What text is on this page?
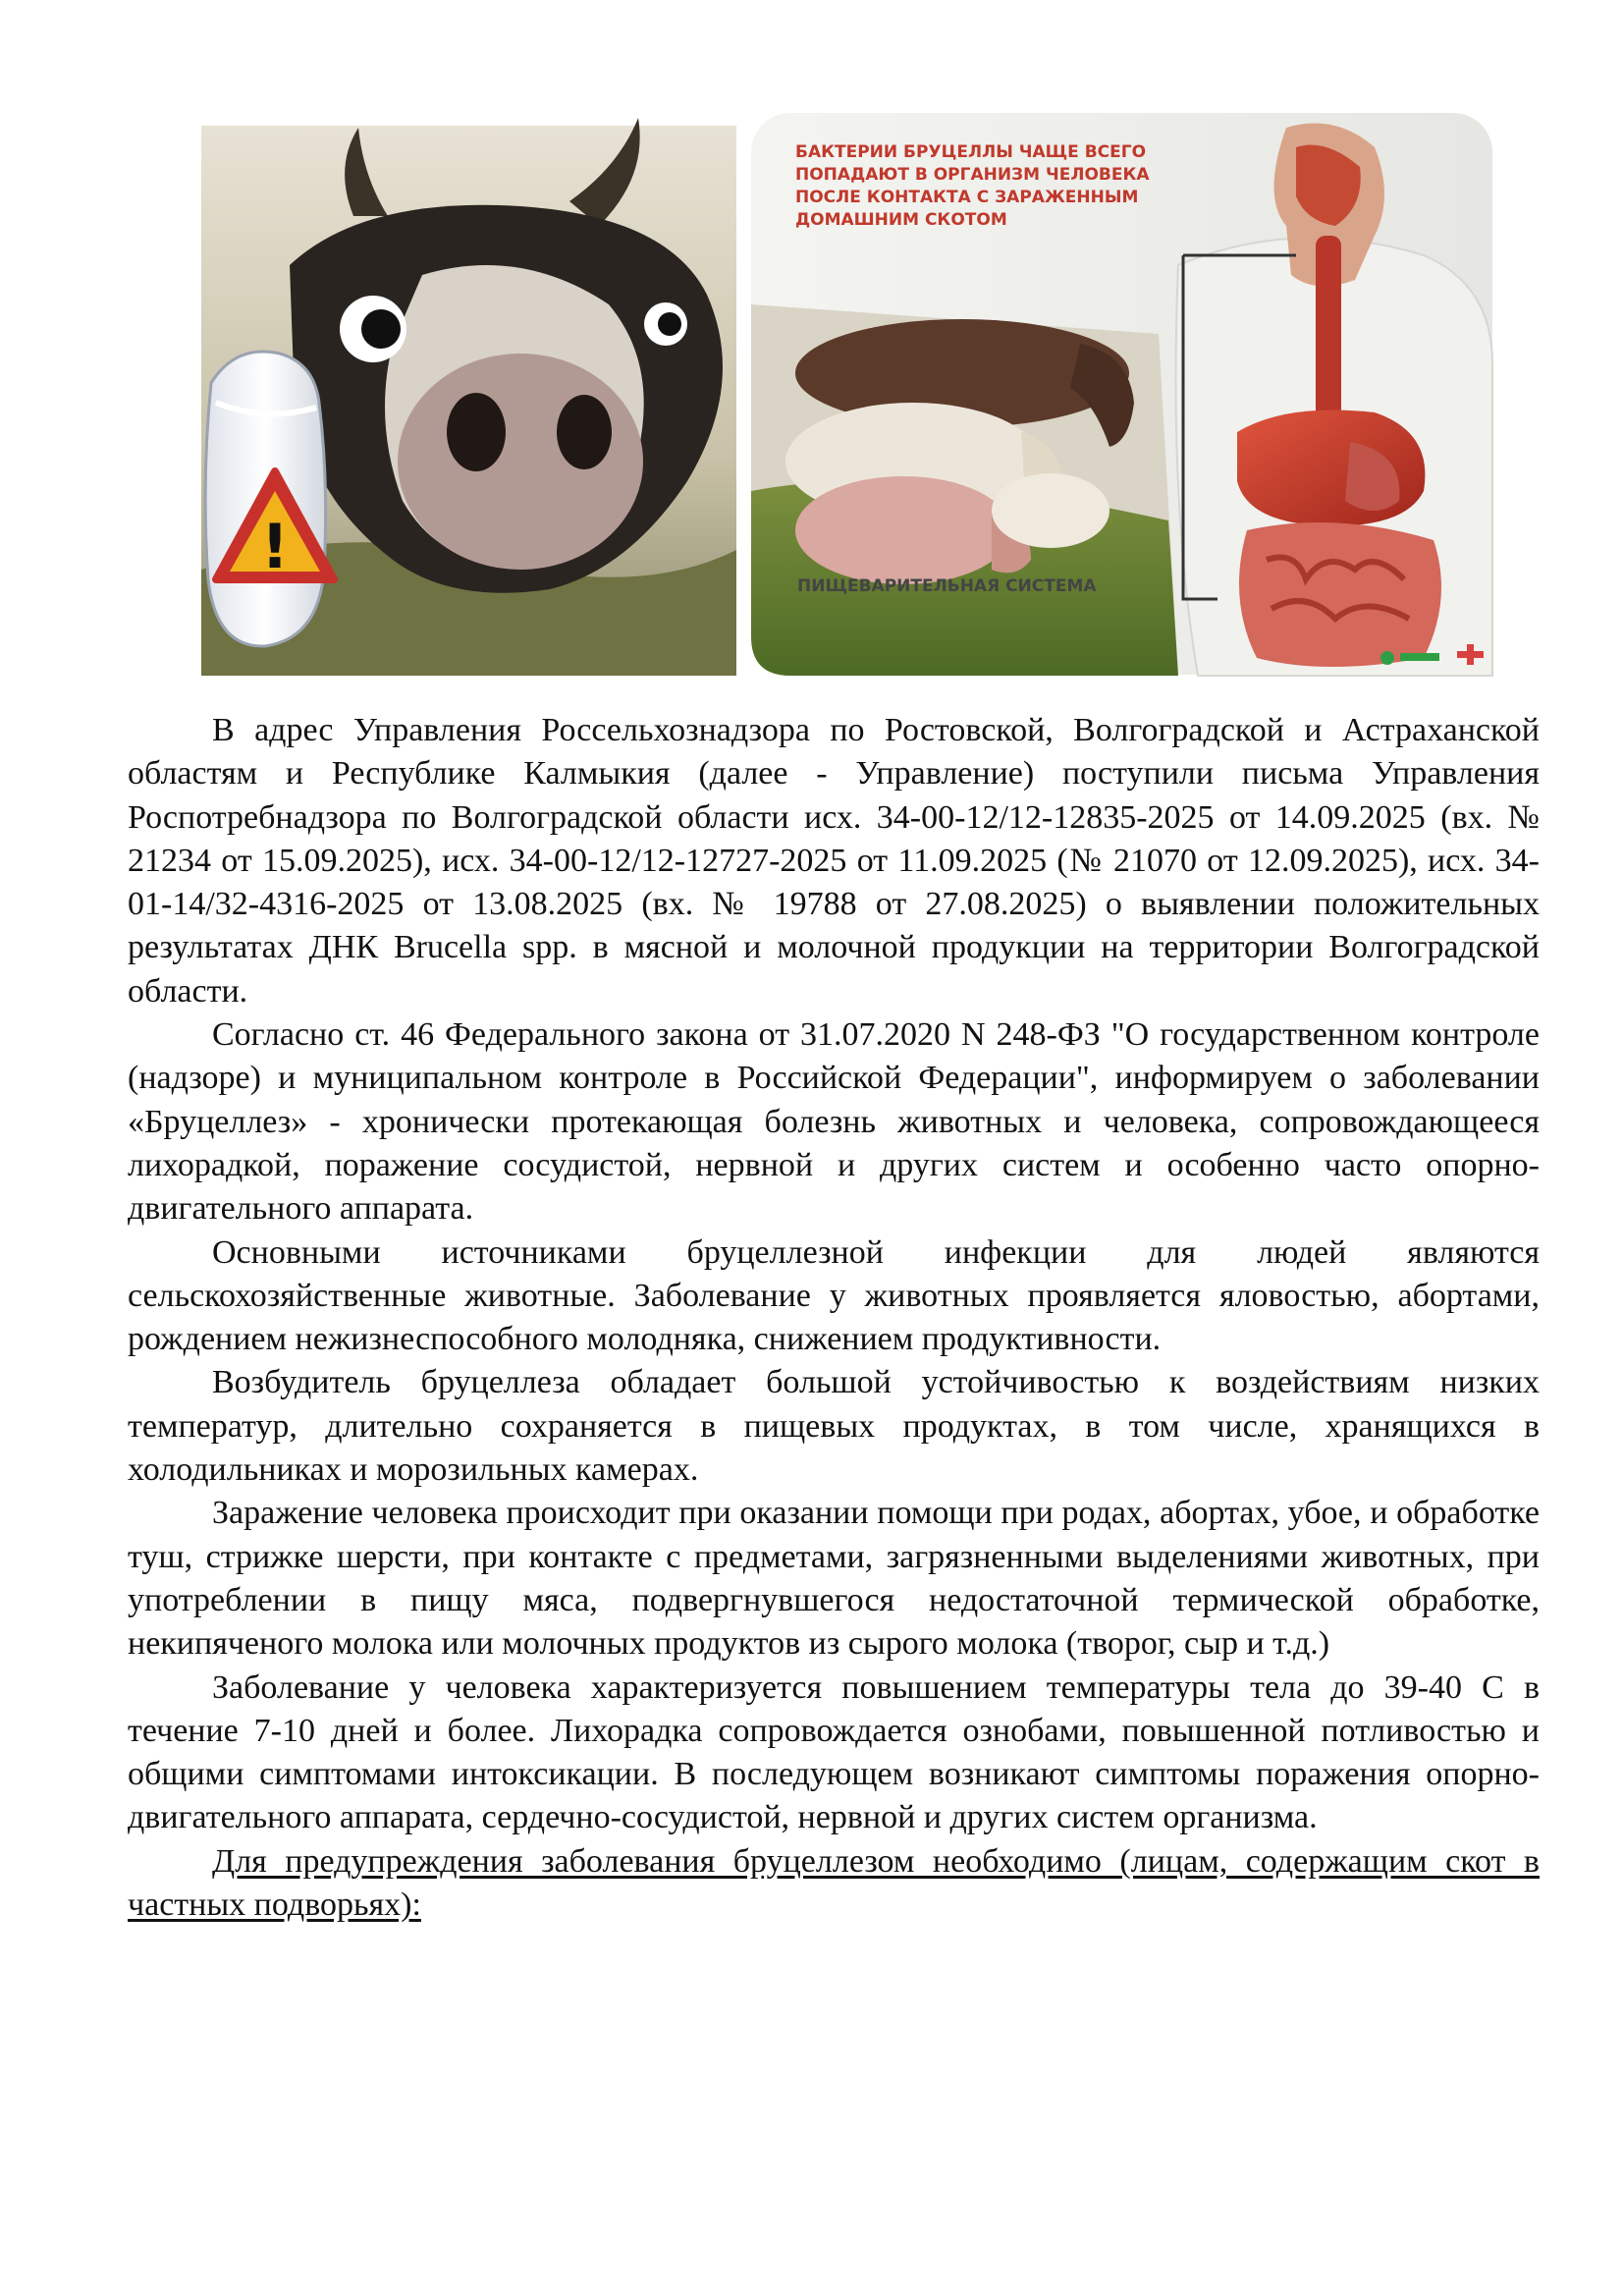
!
БАКТЕРИИ БРУЦЕЛЛЫ ЧАЩЕ ВСЕГО
ПОПАДАЮТ В ОРГАНИЗМ ЧЕЛОВЕКА
ПОСЛЕ КОНТАКТА С ЗАРАЖЕННЫМ
ДОМАШНИМ СКОТОМ
ПИЩЕВАРИТЕЛЬНАЯ СИСТЕМА

В адрес Управления Россельхознадзора по Ростовской, Волгоградской и Астраханской областям и Республике Калмыкия (далее - Управление) поступили письма Управления Роспотребнадзора по Волгоградской области исх. 34-00-12/12-12835-2025 от 14.09.2025 (вх. № 21234 от 15.09.2025), исх. 34-00-12/12-12727-2025 от 11.09.2025 (№ 21070 от 12.09.2025), исх. 34-01-14/32-4316-2025 от 13.08.2025 (вх. № 19788 от 27.08.2025) о выявлении положительных результатах ДНК Brucella spp. в мясной и молочной продукции на территории Волгоградской области.

Согласно ст. 46 Федерального закона от 31.07.2020 N 248-ФЗ "О государственном контроле (надзоре) и муниципальном контроле в Российской Федерации", информируем о заболевании «Бруцеллез» - хронически протекающая болезнь животных и человека, сопровождающееся лихорадкой, поражение сосудистой, нервной и других систем и особенно часто опорно-двигательного аппарата.

Основными источниками бруцеллезной инфекции для людей являются сельскохозяйственные животные. Заболевание у животных проявляется яловостью, абортами, рождением нежизнеспособного молодняка, снижением продуктивности.

Возбудитель бруцеллеза обладает большой устойчивостью к воздействиям низких температур, длительно сохраняется в пищевых продуктах, в том числе, хранящихся в холодильниках и морозильных камерах.

Заражение человека происходит при оказании помощи при родах, абортах, убое, и обработке туш, стрижке шерсти, при контакте с предметами, загрязненными выделениями животных, при употреблении в пищу мяса, подвергнувшегося недостаточной термической обработке, некипяченого молока или молочных продуктов из сырого молока (творог, сыр и т.д.)

Заболевание у человека характеризуется повышением температуры тела до 39-40 С в течение 7-10 дней и более. Лихорадка сопровождается ознобами, повышенной потливостью и общими симптомами интоксикации. В последующем возникают симптомы поражения опорно-двигательного аппарата, сердечно-сосудистой, нервной и других систем организма.

Для предупреждения заболевания бруцеллезом необходимо (лицам, содержащим скот в частных подворьях):
